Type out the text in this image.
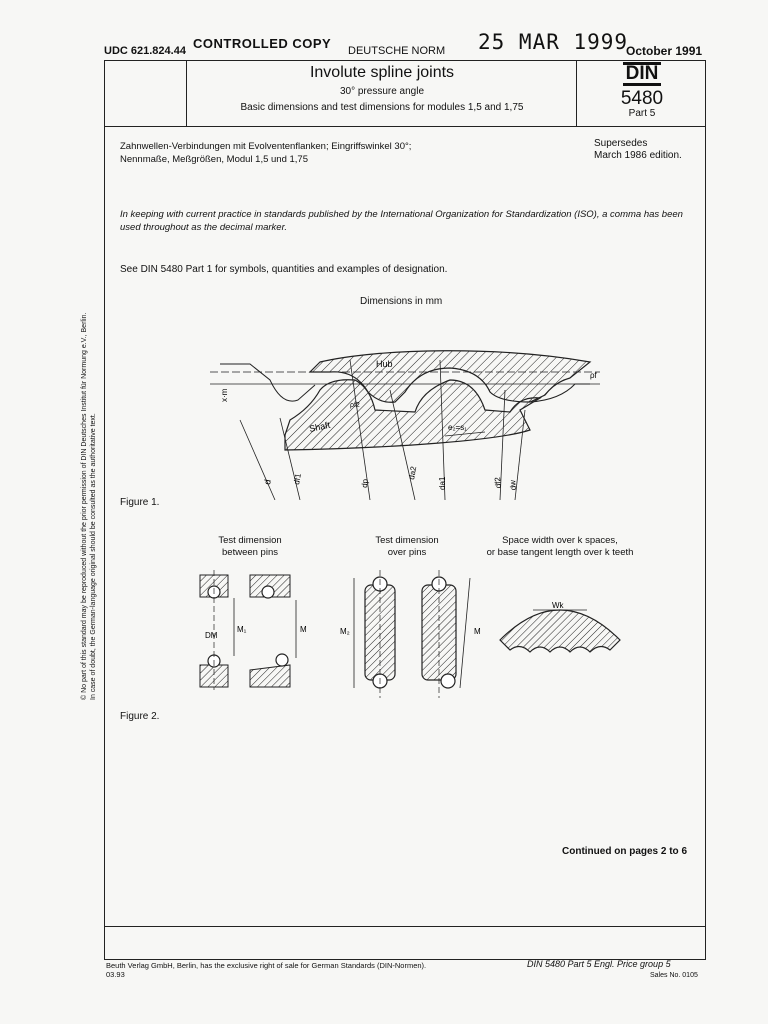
UDC 621.824.44 CONTROLLED COPY DEUTSCHE NORM 25 MAR 1999
October 1991
Involute spline joints
30° pressure angle
Basic dimensions and test dimensions for modules 1,5 and 1,75
DIN
5480
Part 5
Zahnwellen-Verbindungen mit Evolventenflanken; Eingriffswinkel 30°;
Nennmaße, Meßgrößen, Modul 1,5 und 1,75
Supersedes
March 1986 edition.
In keeping with current practice in standards published by the International Organization for Standardization (ISO), a comma has been used throughout as the decimal marker.
See DIN 5480 Part 1 for symbols, quantities and examples of designation.
Dimensions in mm
Hub
Shaft
x·m
ρf
e₂=s₁
ρf2
d df1	dp
da2
da1	df2 dw
Figure 1.
Test dimension
between pins
Test dimension
over pins
Space width over k spaces,
or base tangent length over k teeth
DM
M₁	M	M₂	M
Wk
Figure 2.
Continued on pages 2 to 6
Beuth Verlag GmbH, Berlin, has the exclusive right of sale for German Standards (DIN-Normen).
03.93
DIN 5480 Part 5 Engl. Price group 5
Sales No. 0105
© No part of this standard may be reproduced without the prior permission of DIN Deutsches Institut für Normung e.V., Berlin. In case of doubt, the German-language original should be consulted as the authoritative text.
